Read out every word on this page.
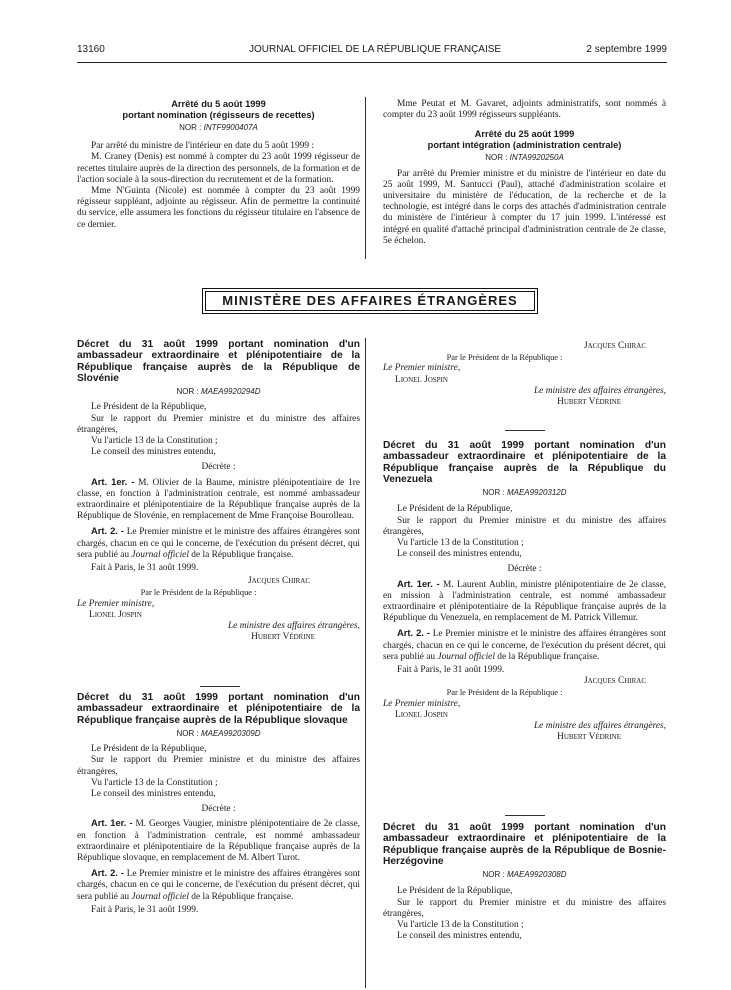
13160	JOURNAL OFFICIEL DE LA RÉPUBLIQUE FRANÇAISE	2 septembre 1999
Arrêté du 5 août 1999
portant nomination (régisseurs de recettes)
NOR : INTF9900407A

Par arrêté du ministre de l'intérieur en date du 5 août 1999 :

M. Craney (Denis) est nommé à compter du 23 août 1999 régisseur de recettes titulaire auprès de la direction des personnels, de la formation et de l'action sociale à la sous-direction du recrutement et de la formation.

Mme N'Guinta (Nicole) est nommée à compter du 23 août 1999 régisseur suppléant, adjointe au régisseur. Afin de permettre la continuité du service, elle assumera les fonctions du régisseur titulaire en l'absence de ce dernier.

Mme Peutat et M. Gavaret, adjoints administratifs, sont nommés à compter du 23 août 1999 régisseurs suppléants.

Arrêté du 25 août 1999
portant intégration (administration centrale)
NOR : INTA9920250A

Par arrêté du Premier ministre et du ministre de l'intérieur en date du 25 août 1999, M. Santucci (Paul), attaché d'administration scolaire et universitaire du ministère de l'éducation, de la recherche et de la technologie, est intégré dans le corps des attachés d'administration centrale du ministère de l'intérieur à compter du 17 juin 1999. L'intéressé est intégré en qualité d'attaché principal d'administration centrale de 2e classe, 5e échelon.

MINISTÈRE DES AFFAIRES ÉTRANGÈRES
Décret du 31 août 1999 portant nomination d'un ambassadeur extraordinaire et plénipotentiaire de la République française auprès de la République de Slovénie
NOR : MAEA9920294D

Le Président de la République,

Sur le rapport du Premier ministre et du ministre des affaires étrangères,

Vu l'article 13 de la Constitution ;

Le conseil des ministres entendu,

Décrète :

Art. 1er. - M. Olivier de la Baume, ministre plénipotentiaire de 1re classe, en fonction à l'administration centrale, est nommé ambassadeur extraordinaire et plénipotentiaire de la République française auprès de la République de Slovénie, en remplacement de Mme Françoise Bourolleau.

Art. 2. - Le Premier ministre et le ministre des affaires étrangères sont chargés, chacun en ce qui le concerne, de l'exécution du présent décret, qui sera publié au Journal officiel de la République française.

Fait à Paris, le 31 août 1999.

Jacques Chirac

Par le Président de la République :

Le Premier ministre,

Lionel Jospin

Le ministre des affaires étrangères,

Hubert Védrine

Décret du 31 août 1999 portant nomination d'un ambassadeur extraordinaire et plénipotentiaire de la République française auprès de la République slovaque
NOR : MAEA9920309D

Le Président de la République,

Sur le rapport du Premier ministre et du ministre des affaires étrangères,

Vu l'article 13 de la Constitution ;

Le conseil des ministres entendu,

Décrète :

Art. 1er. - M. Georges Vaugier, ministre plénipotentiaire de 2e classe, en fonction à l'administration centrale, est nommé ambassadeur extraordinaire et plénipotentiaire de la République française auprès de la République slovaque, en remplacement de M. Albert Turot.

Art. 2. - Le Premier ministre et le ministre des affaires étrangères sont chargés, chacun en ce qui le concerne, de l'exécution du présent décret, qui sera publié au Journal officiel de la République française.

Fait à Paris, le 31 août 1999.

Jacques Chirac

Par le Président de la République :

Le Premier ministre,

Lionel Jospin

Le ministre des affaires étrangères,

Hubert Védrine

Décret du 31 août 1999 portant nomination d'un ambassadeur extraordinaire et plénipotentiaire de la République française auprès de la République du Venezuela
NOR : MAEA9920312D

Le Président de la République,

Sur le rapport du Premier ministre et du ministre des affaires étrangères,

Vu l'article 13 de la Constitution ;

Le conseil des ministres entendu,

Décrète :

Art. 1er. - M. Laurent Aublin, ministre plénipotentiaire de 2e classe, en mission à l'administration centrale, est nommé ambassadeur extraordinaire et plénipotentiaire de la République française auprès de la République du Venezuela, en remplacement de M. Patrick Villemur.

Art. 2. - Le Premier ministre et le ministre des affaires étrangères sont chargés, chacun en ce qui le concerne, de l'exécution du présent décret, qui sera publié au Journal officiel de la République française.

Fait à Paris, le 31 août 1999.

Jacques Chirac

Par le Président de la République :

Le Premier ministre,

Lionel Jospin

Le ministre des affaires étrangères,

Hubert Védrine

Décret du 31 août 1999 portant nomination d'un ambassadeur extraordinaire et plénipotentiaire de la République française auprès de la République de Bosnie-Herzégovine
NOR : MAEA9920308D

Le Président de la République,

Sur le rapport du Premier ministre et du ministre des affaires étrangères,

Vu l'article 13 de la Constitution ;

Le conseil des ministres entendu,
